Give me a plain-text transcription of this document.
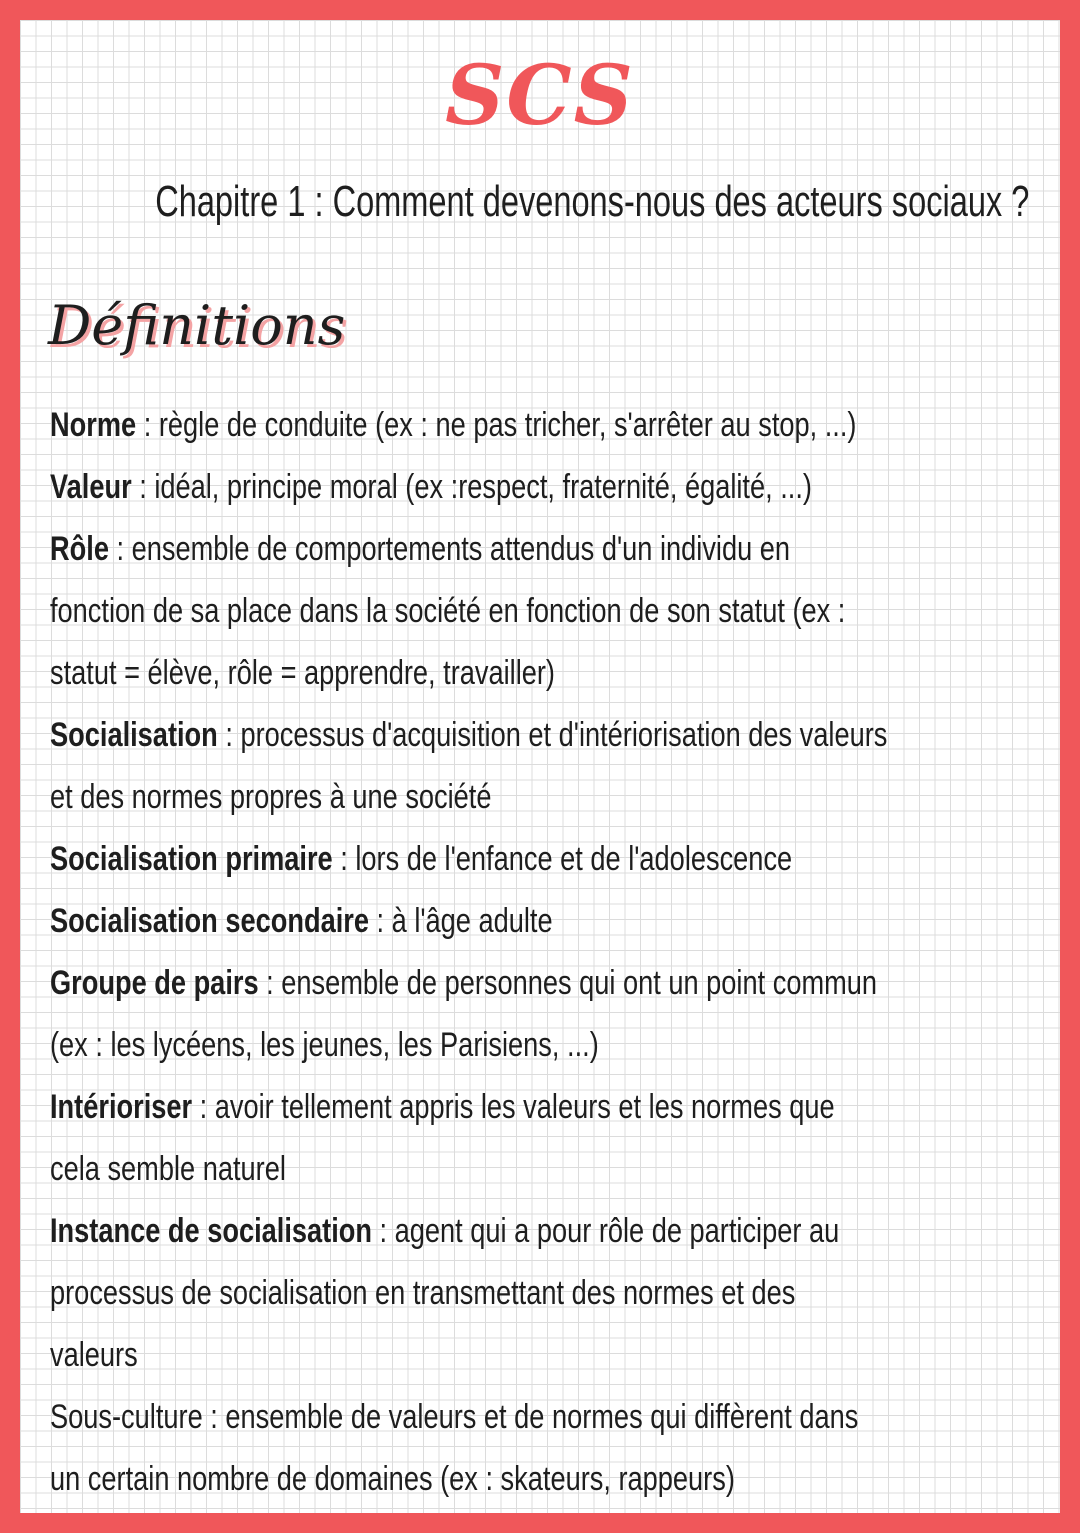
SCS
Chapitre 1 : Comment devenons-nous des acteurs sociaux ?
Définitions
Norme : règle de conduite (ex : ne pas tricher, s'arrêter au stop, ...)
Valeur : idéal, principe moral (ex :respect, fraternité, égalité, ...)
Rôle : ensemble de comportements attendus d'un individu en
fonction de sa place dans la société en fonction de son statut (ex :
statut = élève, rôle = apprendre, travailler)
Socialisation : processus d'acquisition et d'intériorisation des valeurs
et des normes propres à une société
Socialisation primaire : lors de l'enfance et de l'adolescence
Socialisation secondaire : à l'âge adulte
Groupe de pairs : ensemble de personnes qui ont un point commun
(ex : les lycéens, les jeunes, les Parisiens, ...)
Intérioriser : avoir tellement appris les valeurs et les normes que
cela semble naturel
Instance de socialisation : agent qui a pour rôle de participer au
processus de socialisation en transmettant des normes et des
valeurs
Sous-culture : ensemble de valeurs et de normes qui diffèrent dans
un certain nombre de domaines (ex : skateurs, rappeurs)
